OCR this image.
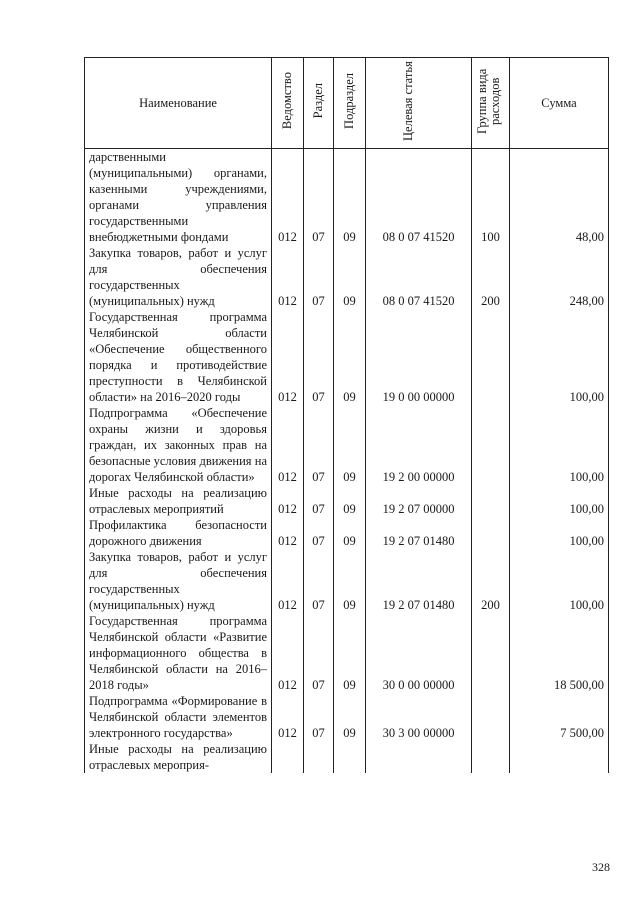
Наименование	Ведомство	Раздел	Подраздел	Целевая статья	Группа вида расходов	Сумма
дарственными (муниципальными) органами, казенными учреждениями, органами управления государственными внебюджетными фондами	012	07	09	08 0 07 41520	100	48,00
Закупка товаров, работ и услуг для обеспечения государственных (муниципальных) нужд	012	07	09	08 0 07 41520	200	248,00
Государственная программа Челябинской области «Обеспечение общественного порядка и противодействие преступности в Челябинской области» на 2016–2020 годы	012	07	09	19 0 00 00000		100,00
Подпрограмма «Обеспечение охраны жизни и здоровья граждан, их законных прав на безопасные условия движения на дорогах Челябинской области»	012	07	09	19 2 00 00000		100,00
Иные расходы на реализацию отраслевых мероприятий	012	07	09	19 2 07 00000		100,00
Профилактика безопасности дорожного движения	012	07	09	19 2 07 01480		100,00
Закупка товаров, работ и услуг для обеспечения государственных (муниципальных) нужд	012	07	09	19 2 07 01480	200	100,00
Государственная программа Челябинской области «Развитие информационного общества в Челябинской области на 2016–2018 годы»	012	07	09	30 0 00 00000		18 500,00
Подпрограмма «Формирование в Челябинской области элементов электронного государства»	012	07	09	30 3 00 00000		7 500,00
Иные расходы на реализацию отраслевых мероприя-						
328
